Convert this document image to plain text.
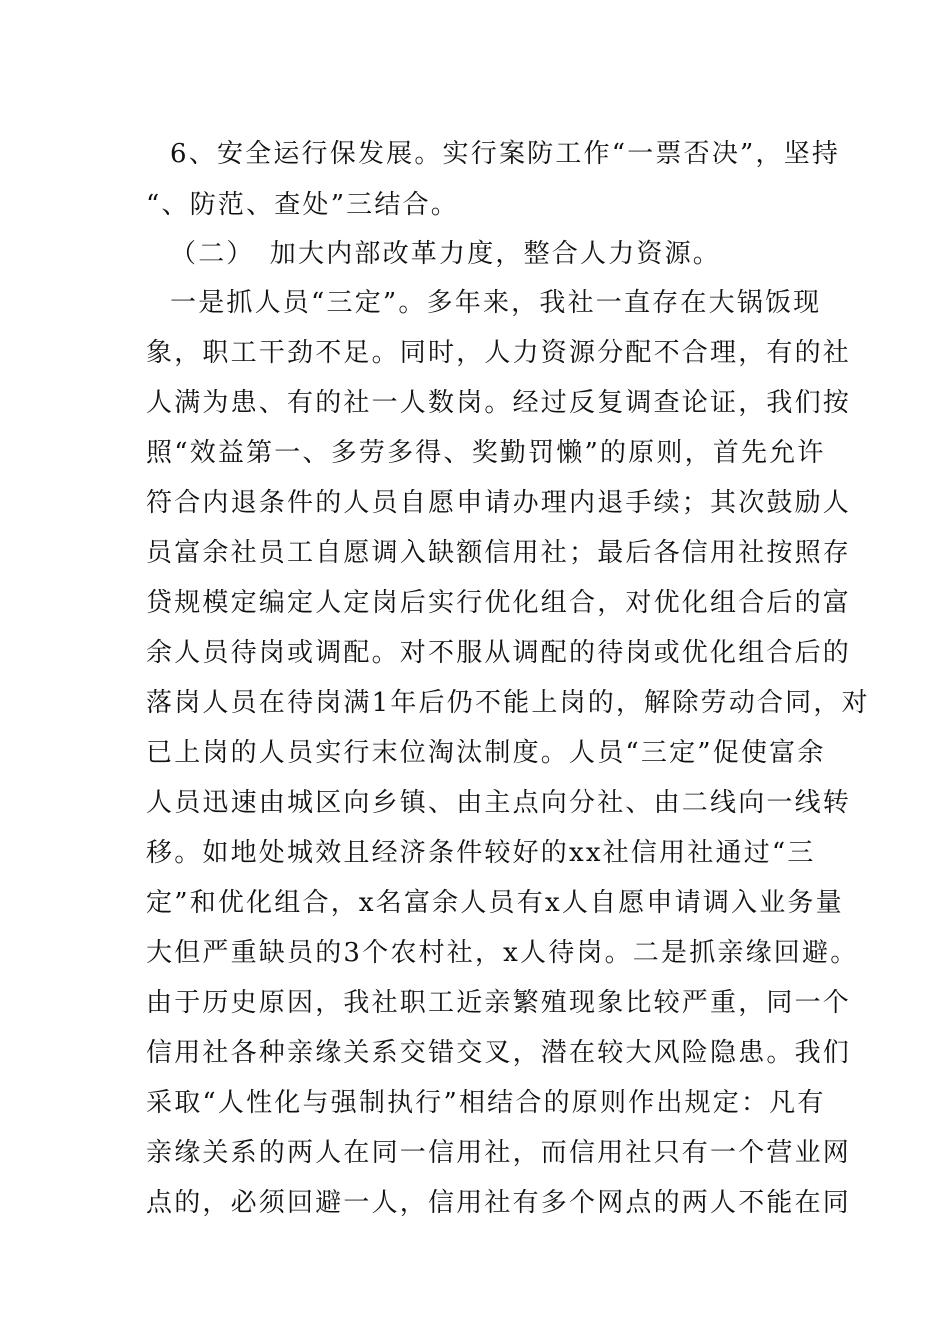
6、安全运行保发展。实行案防工作“一票否决”，坚持
“、防范、查处”三结合。
（二）　加大内部改革力度，整合人力资源。
一是抓人员“三定”。多年来，我社一直存在大锅饭现
象，职工干劲不足。同时，人力资源分配不合理，有的社
人满为患、有的社一人数岗。经过反复调查论证，我们按
照“效益第一、多劳多得、奖勤罚懒”的原则，首先允许
符合内退条件的人员自愿申请办理内退手续；其次鼓励人
员富余社员工自愿调入缺额信用社；最后各信用社按照存
贷规模定编定人定岗后实行优化组合，对优化组合后的富
余人员待岗或调配。对不服从调配的待岗或优化组合后的
落岗人员在待岗满1年后仍不能上岗的，解除劳动合同，对
已上岗的人员实行末位淘汰制度。人员“三定”促使富余
人员迅速由城区向乡镇、由主点向分社、由二线向一线转
移。如地处城效且经济条件较好的xx社信用社通过“三
定”和优化组合，x名富余人员有x人自愿申请调入业务量
大但严重缺员的3个农村社，x人待岗。二是抓亲缘回避。
由于历史原因，我社职工近亲繁殖现象比较严重，同一个
信用社各种亲缘关系交错交叉，潜在较大风险隐患。我们
采取“人性化与强制执行”相结合的原则作出规定：凡有
亲缘关系的两人在同一信用社，而信用社只有一个营业网
点的，必须回避一人，信用社有多个网点的两人不能在同
